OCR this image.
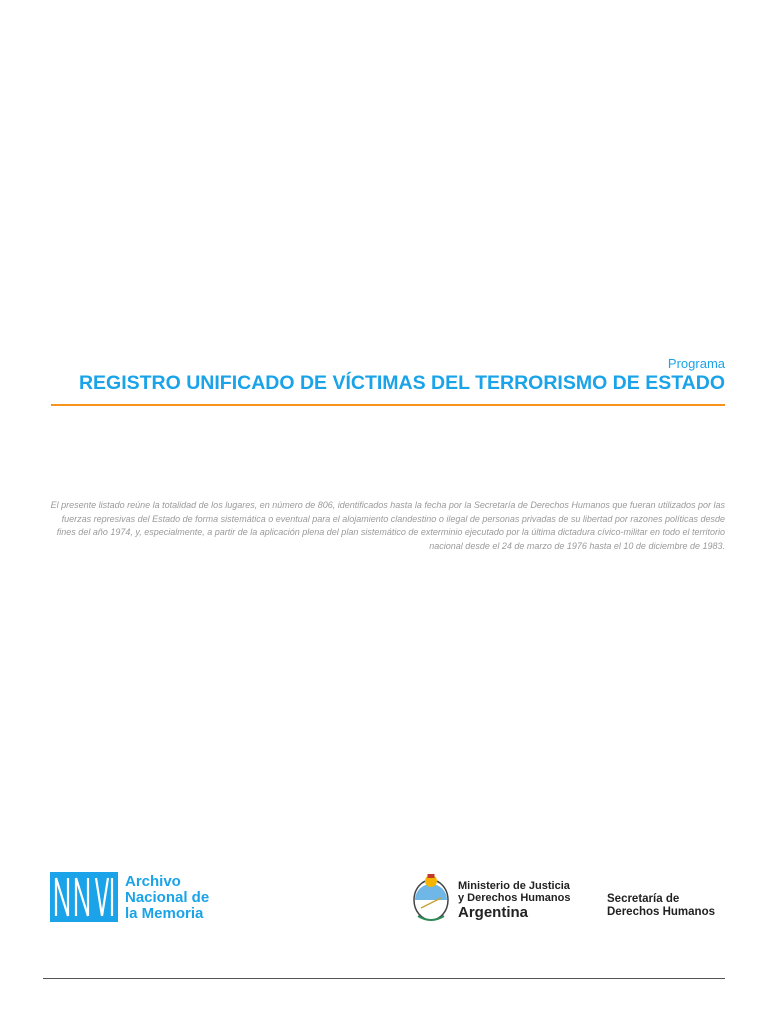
Programa
REGISTRO UNIFICADO DE VÍCTIMAS DEL TERRORISMO DE ESTADO
El presente listado reúne la totalidad de los lugares, en número de 806, identificados hasta la fecha por la Secretaría de Derechos Humanos que fueran utilizados por las fuerzas represivas del Estado de forma sistemática o eventual para el alojamiento clandestino o ilegal de personas privadas de su libertad por razones políticas desde fines del año 1974, y, especialmente, a partir de la aplicación plena del plan sistemático de exterminio ejecutado por la última dictadura cívico-militar en todo el territorio nacional desde el 24 de marzo de 1976 hasta el 10 de diciembre de 1983.
Archivo
Nacional de
la Memoria
Ministerio de Justicia
y Derechos Humanos
Argentina
Secretaría de
Derechos Humanos
